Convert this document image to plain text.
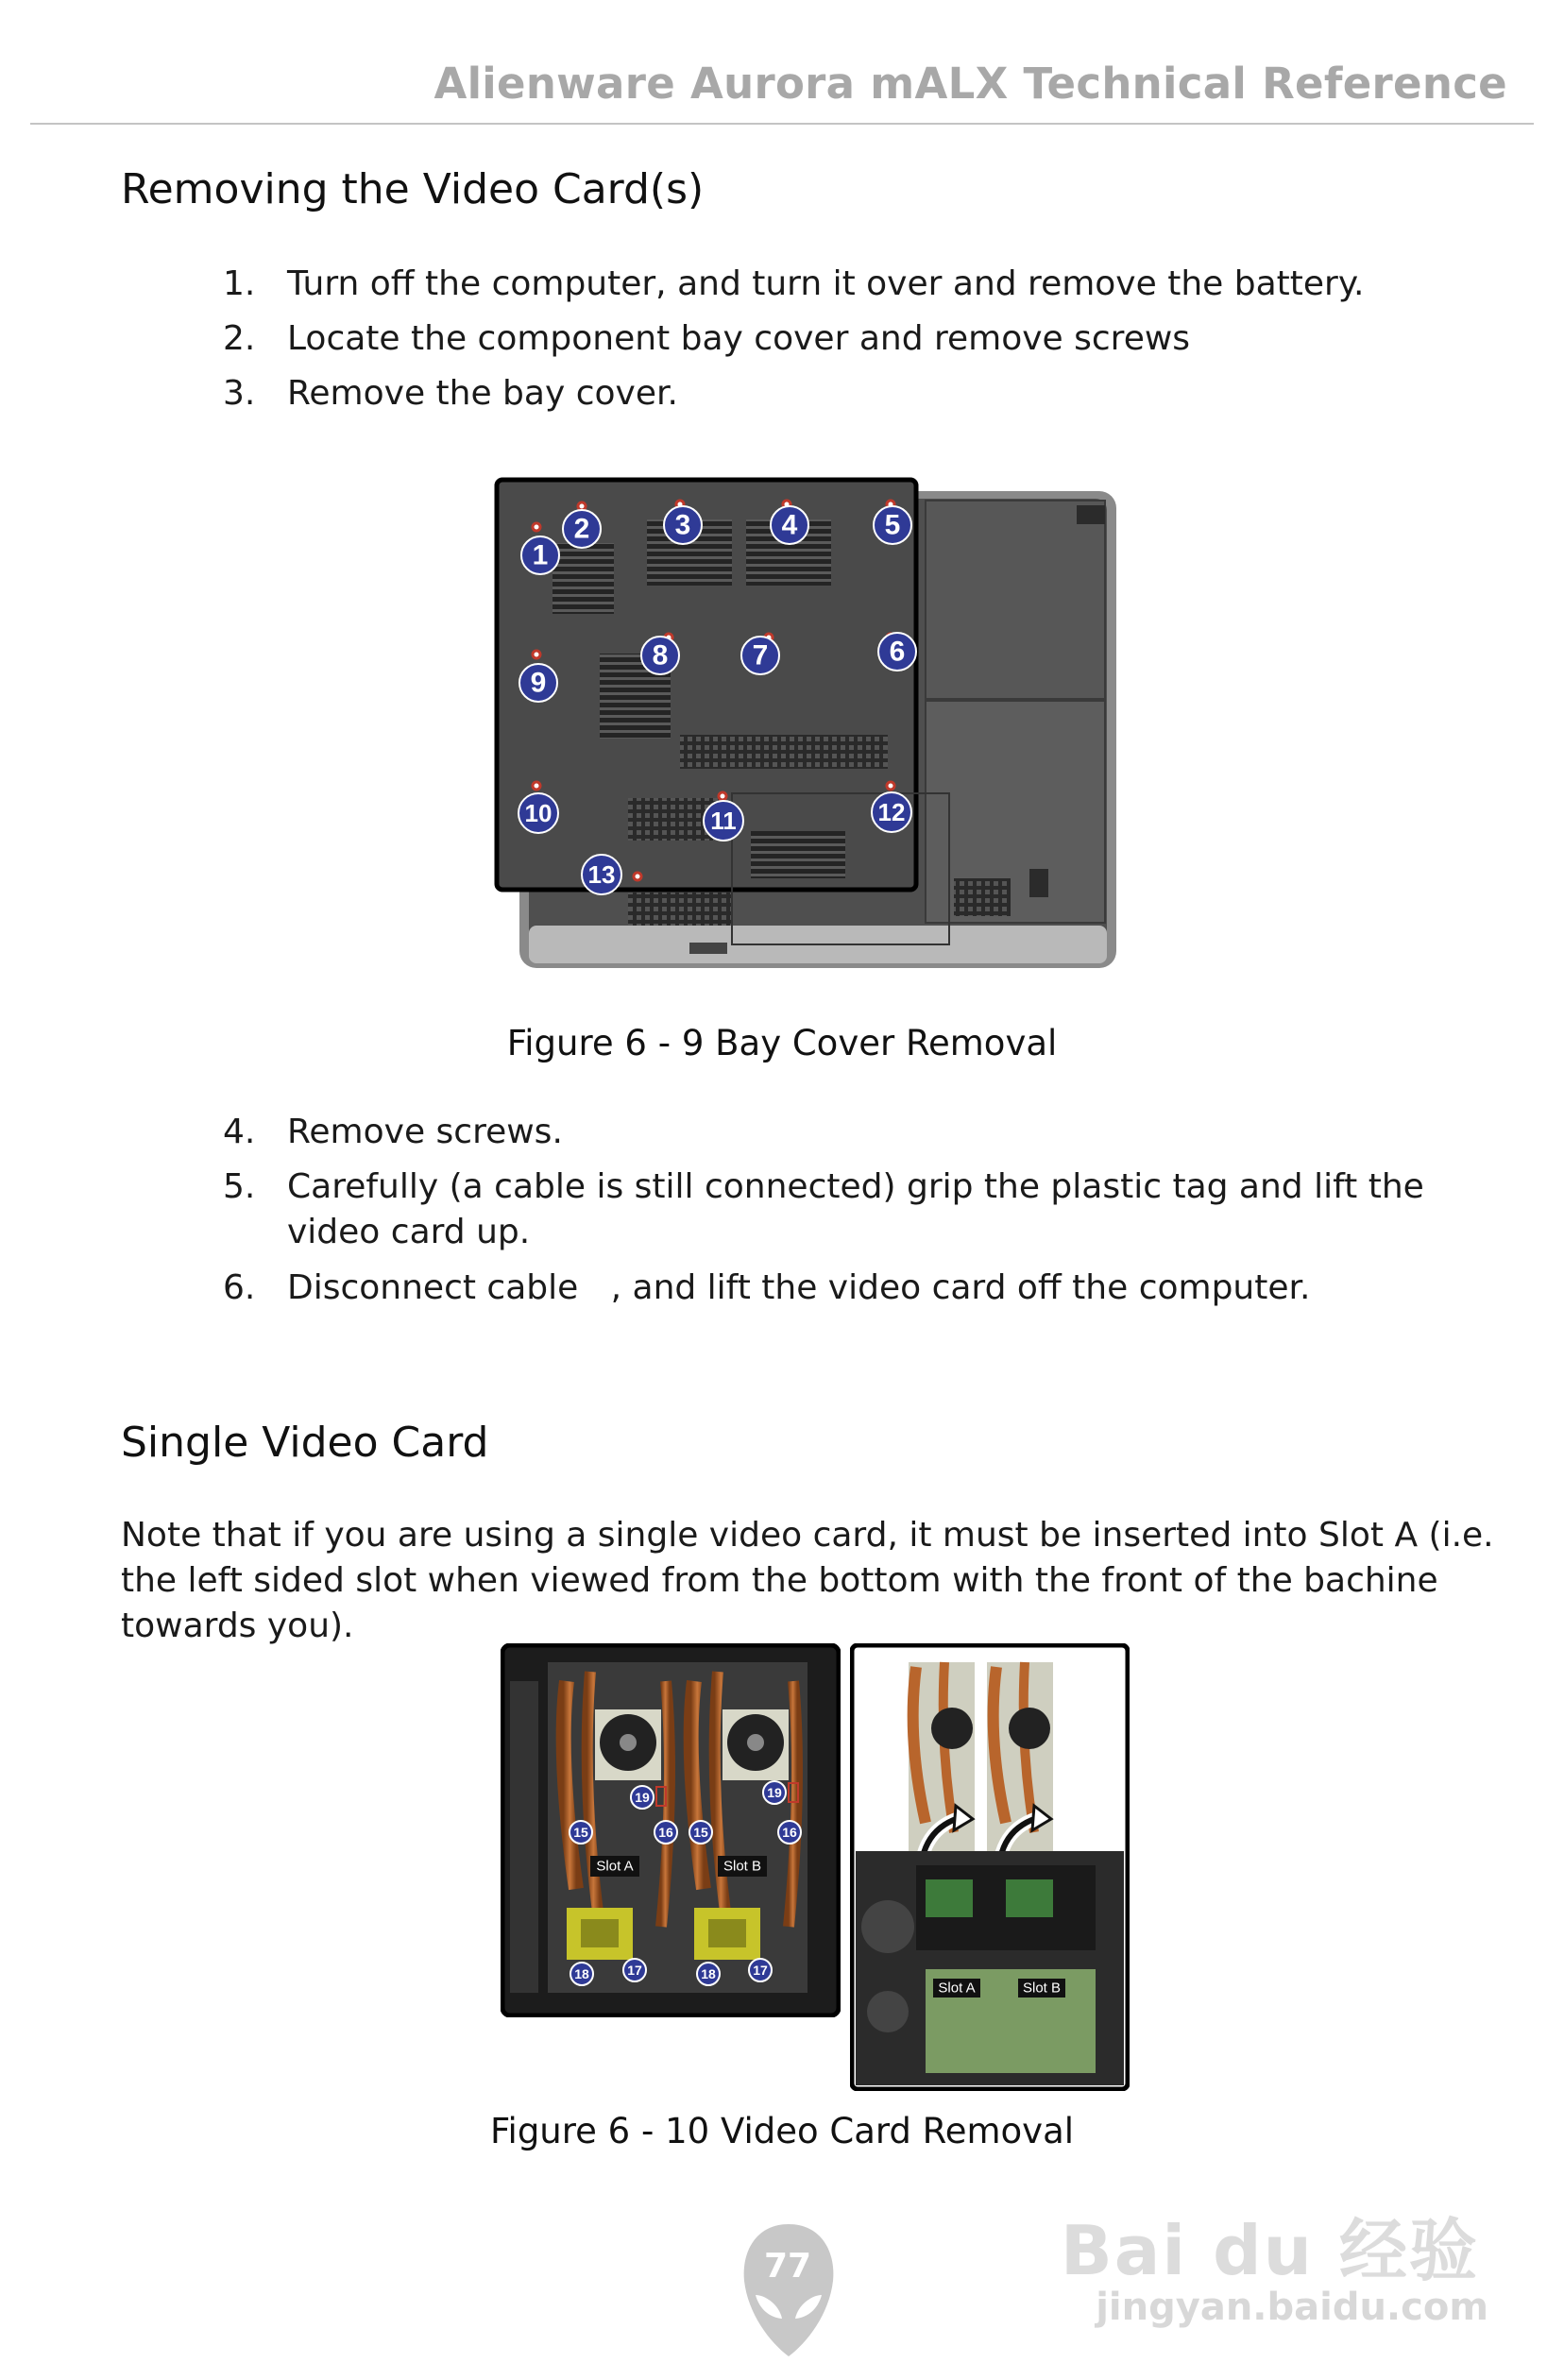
Alienware Aurora mALX Technical Reference
Removing the Video Card(s)
1. Turn off the computer, and turn it over and remove the battery.
2. Locate the component bay cover and remove screws
3. Remove the bay cover.
1
2	3	4	5
6
7
8
9
10	11	12
13
Figure 6 - 9 Bay Cover Removal
4. Remove screws.
5. Carefully (a cable is still connected) grip the plastic tag and lift the video card up.
6. Disconnect cable   , and lift the video card off the computer.
Single Video Card
Note that if you are using a single video card, it must be inserted into Slot A (i.e. the left sided slot when viewed from the bottom with the front of the bachine towards you).
Slot A	Slot B
15	16 15	16
17
18	17
18
19	19
Slot A	Slot B
Figure 6 - 10 Video Card Removal
77	Bai du 经验
jingyan.baidu.com
